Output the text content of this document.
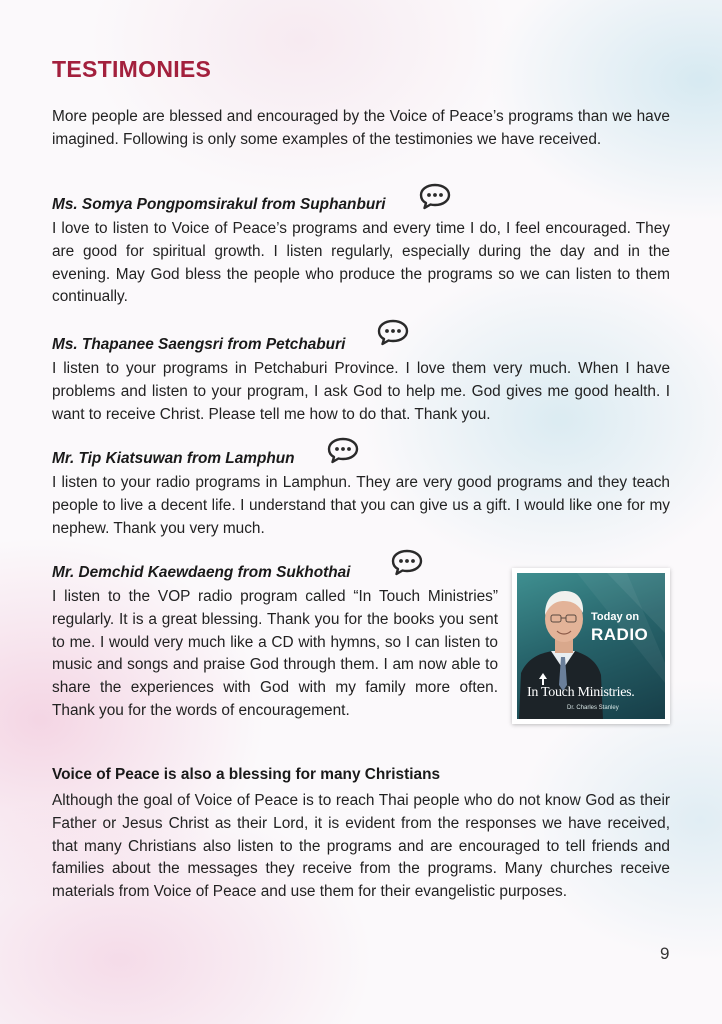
TESTIMONIES
More people are blessed and encouraged by the Voice of Peace’s programs than we have imagined. Following is only some examples of the testimonies we have received.
Ms. Somya Pongpomsirakul from Suphanburi
I love to listen to Voice of Peace’s programs and every time I do, I feel encouraged. They are good for spiritual growth. I listen regularly, especially during the day and in the evening. May God bless the people who produce the programs so we can listen to them continually.
Ms. Thapanee Saengsri from Petchaburi
I listen to your programs in Petchaburi Province. I love them very much. When I have problems and listen to your program, I ask God to help me. God gives me good health. I want to receive Christ. Please tell me how to do that. Thank you.
Mr. Tip Kiatsuwan from Lamphun
I listen to your radio programs in Lamphun. They are very good programs and they teach people to live a decent life. I understand that you can give us a gift. I would like one for my nephew. Thank you very much.
Mr. Demchid Kaewdaeng from Sukhothai
I listen to the VOP radio program called “In Touch Ministries” regularly. It is a great blessing. Thank you for the books you sent to me. I would very much like a CD with hymns, so I can listen to music and songs and praise God through them. I am now able to share the experiences with God with my family more often. Thank you for the words of encouragement.
Voice of Peace is also a blessing for many Christians
Although the goal of Voice of Peace is to reach Thai people who do not know God as their Father or Jesus Christ as their Lord, it is evident from the responses we have received, that many Christians also listen to the programs and are encouraged to tell friends and families about the messages they receive from the programs. Many churches receive materials from Voice of Peace and use them for their evangelistic purposes.
Today on
RADIO
In Touch Ministries.
Dr. Charles Stanley
9
